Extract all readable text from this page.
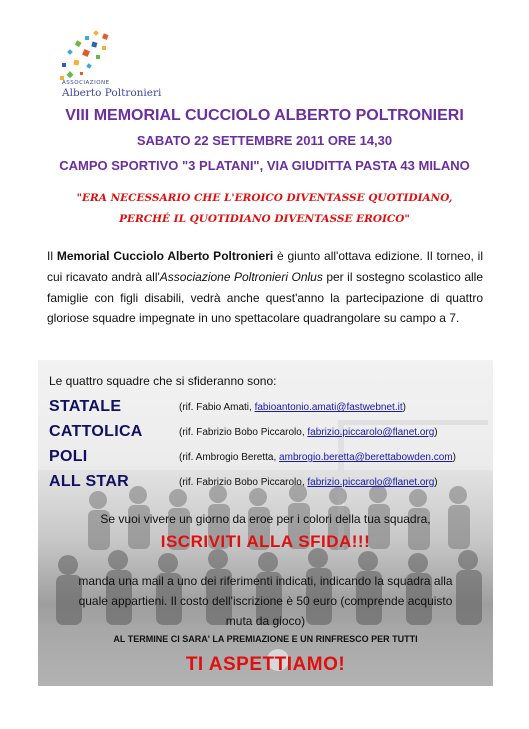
ASSOCIAZIONE
Alberto Poltronieri
VIII MEMORIAL CUCCIOLO ALBERTO POLTRONIERI
SABATO 22 SETTEMBRE 2011 ORE 14,30
CAMPO SPORTIVO "3 PLATANI", VIA GIUDITTA PASTA 43 MILANO
"ERA NECESSARIO CHE L'EROICO DIVENTASSE QUOTIDIANO,
PERCHÉ IL QUOTIDIANO DIVENTASSE EROICO"
Il Memorial Cucciolo Alberto Poltronieri è giunto all'ottava edizione. Il torneo, il cui ricavato andrà all'Associazione Poltronieri Onlus per il sostegno scolastico alle famiglie con figli disabili, vedrà anche quest'anno la partecipazione di quattro gloriose squadre impegnate in uno spettacolare quadrangolare su campo a 7.
Le quattro squadre che si sfideranno sono:
STATALE	(rif. Fabio Amati, fabioantonio.amati@fastwebnet.it)
CATTOLICA	(rif. Fabrizio Bobo Piccarolo, fabrizio.piccarolo@flanet.org)
POLI	(rif. Ambrogio Beretta, ambrogio.beretta@berettabowden.com)
ALL STAR	(rif. Fabrizio Bobo Piccarolo, fabrizio.piccarolo@flanet.org)
Se vuoi vivere un giorno da eroe per i colori della tua squadra,
ISCRIVITI ALLA SFIDA!!!
manda una mail a uno dei riferimenti indicati, indicando la squadra alla quale appartieni. Il costo dell'iscrizione è 50 euro (comprende acquisto muta da gioco)
AL TERMINE CI SARA' LA PREMIAZIONE E UN RINFRESCO PER TUTTI
TI ASPETTIAMO!
